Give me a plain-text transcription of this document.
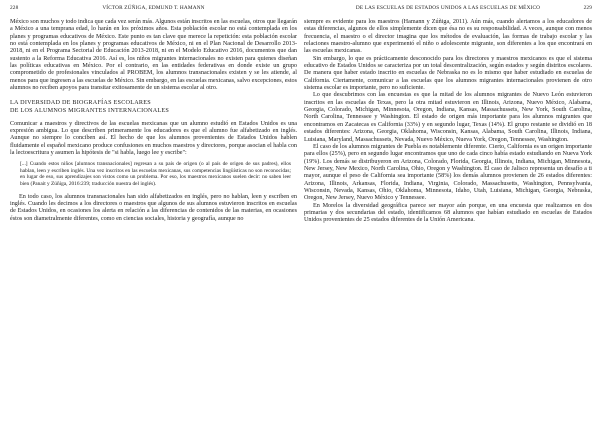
228	VÍCTOR ZÚÑIGA, EDMUND T. HAMANN

México son muchos y todo indica que cada vez serán más. Algunos están inscritos en las escuelas, otros que llegarán a México a una temprana edad, lo harán en los próximos años. Esta población escolar no está contemplada en los planes y programas educativos de México. Este punto es tan clave que merece la repetición: esta población escolar no está contemplada en los planes y programas educativos de México, ni en el Plan Nacional de Desarrollo 2013-2018, ni en el Programa Sectorial de Educación 2013-2018, ni en el Modelo Educativo 2016, documentos que dan sustento a la Reforma Educativa 2016. Así es, los niños migrantes internacionales no existen para quienes diseñan las políticas educativas en México. Por el contrario, en las entidades federativas en donde existe un grupo comprometido de profesionales vinculados al PROBEM, los alumnos transnacionales existen y se les atiende, al menos para que ingresen a las escuelas de México. Sin embargo, en las escuelas mexicanas, salvo excepciones, estos alumnos no reciben apoyos para transitar exitosamente de un sistema escolar al otro.

LA DIVERSIDAD DE BIOGRAFÍAS ESCOLARES
DE LOS ALUMNOS MIGRANTES INTERNACIONALES

Comunicar a maestros y directivos de las escuelas mexicanas que un alumno estudió en Estados Unidos es una expresión ambigua. Lo que describen primeramente los educadores es que el alumno fue alfabetizado en inglés. Aunque no siempre lo conciben así. El hecho de que los alumnos provenientes de Estados Unidos hablen fluidamente el español mexicano produce confusiones en muchos maestros y directores, porque asocian el habla con la lectoescritura y asumen la hipótesis de "si habla, luego lee y escribe":

[...] Cuando estos niños [alumnos transnacionales] regresan a su país de origen (o al país de origen de sus padres), ellos hablan, leen y escriben inglés. Una vez inscritos en las escuelas mexicanas, sus competencias lingüísticas no son reconocidas; en lugar de eso, sus aprendizajes son vistos como un problema. Por eso, los maestros mexicanos suelen decir: no saben leer bien (Panait y Zúñiga, 2016:239; traducción nuestra del inglés).

En todo caso, los alumnos transnacionales han sido alfabetizados en inglés, pero no hablan, leen y escriben en inglés. Cuando les decimos a los directores o maestros que algunos de sus alumnos estuvieron inscritos en escuelas de Estados Unidos, en ocasiones los alerta en relación a las diferencias de contenidos de las materias, en ocasiones éstos son diametralmente diferentes, como en ciencias sociales, historia y geografía, aunque no

DE LAS ESCUELAS DE ESTADOS UNIDOS A LAS ESCUELAS DE MÉXICO	229

siempre es evidente para los maestros (Hamann y Zúñiga, 2011). Aún más, cuando alertamos a los educadores de estas diferencias, algunos de ellos simplemente dicen que ésa no es su responsabilidad. A veces, aunque con menos frecuencia, el maestro o el director imagina que los métodos de evaluación, las formas de trabajo escolar y las relaciones maestro-alumno que experimentó el niño o adolescente migrante, son diferentes a los que encontrará en las escuelas mexicanas.

Sin embargo, lo que es prácticamente desconocido para los directores y maestros mexicanos es que el sistema educativo de Estados Unidos se caracteriza por un total descentralización, según estados y según distritos escolares. De manera que haber estado inscrito en escuelas de Nebraska no es lo mismo que haber estudiado en escuelas de California. Ciertamente, comunicar a las escuelas que los alumnos migrantes internacionales provienen de otro sistema escolar es importante, pero no suficiente.

Lo que descubrimos con las encuestas es que la mitad de los alumnos migrantes de Nuevo León estuvieron inscritos en las escuelas de Texas, pero la otra mitad estuvieron en Illinois, Arizona, Nuevo México, Alabama, Georgia, Colorado, Michigan, Minnesota, Oregon, Indiana, Kansas, Massachussets, New York, South Carolina, North Carolina, Tennessee y Washington. El estado de origen más importante para los alumnos migrantes que encontramos en Zacatecas es California (33%) y en segundo lugar, Texas (14%). El grupo restante se dividió en 18 estados diferentes: Arizona, Georgia, Oklahoma, Wisconsin, Kansas, Alabama, South Carolina, Illinois, Indiana, Luisiana, Maryland, Massachussets, Nevada, Nuevo México, Nueva York, Oregon, Tennessee, Washington.

El caso de los alumnos migrantes de Puebla es notablemente diferente. Cierto, California es un origen importante para ellos (25%), pero en segundo lugar encontramos que uno de cada cinco había estado estudiando en Nueva York (19%). Los demás se distribuyeron en Arizona, Colorado, Florida, Georgia, Illinois, Indiana, Michigan, Minnesota, New Jersey, New Mexico, North Carolina, Ohio, Oregon y Washington. El caso de Jalisco representa un desafío a ti mayor, aunque el peso de California sea importante (58%) los demás alumnos provienen de 26 estados diferentes: Arizona, Illinois, Arkansas, Florida, Indiana, Virginia, Colorado, Massachusetts, Washington, Pennsylvania, Wisconsin, Nevada, Kansas, Ohio, Oklahoma, Minnesota, Idaho, Utah, Luisiana, Michigan, Georgia, Nebraska, Oregon, New Jersey, Nuevo México y Tennessee.

En Morelos la diversidad geográfica parece ser mayor aún porque, en una encuesta que realizamos en dos primarias y dos secundarias del estado, identificamos 68 alumnos que habían estudiado en escuelas de Estados Unidos provenientes de 25 estados diferentes de la Unión Americana.
